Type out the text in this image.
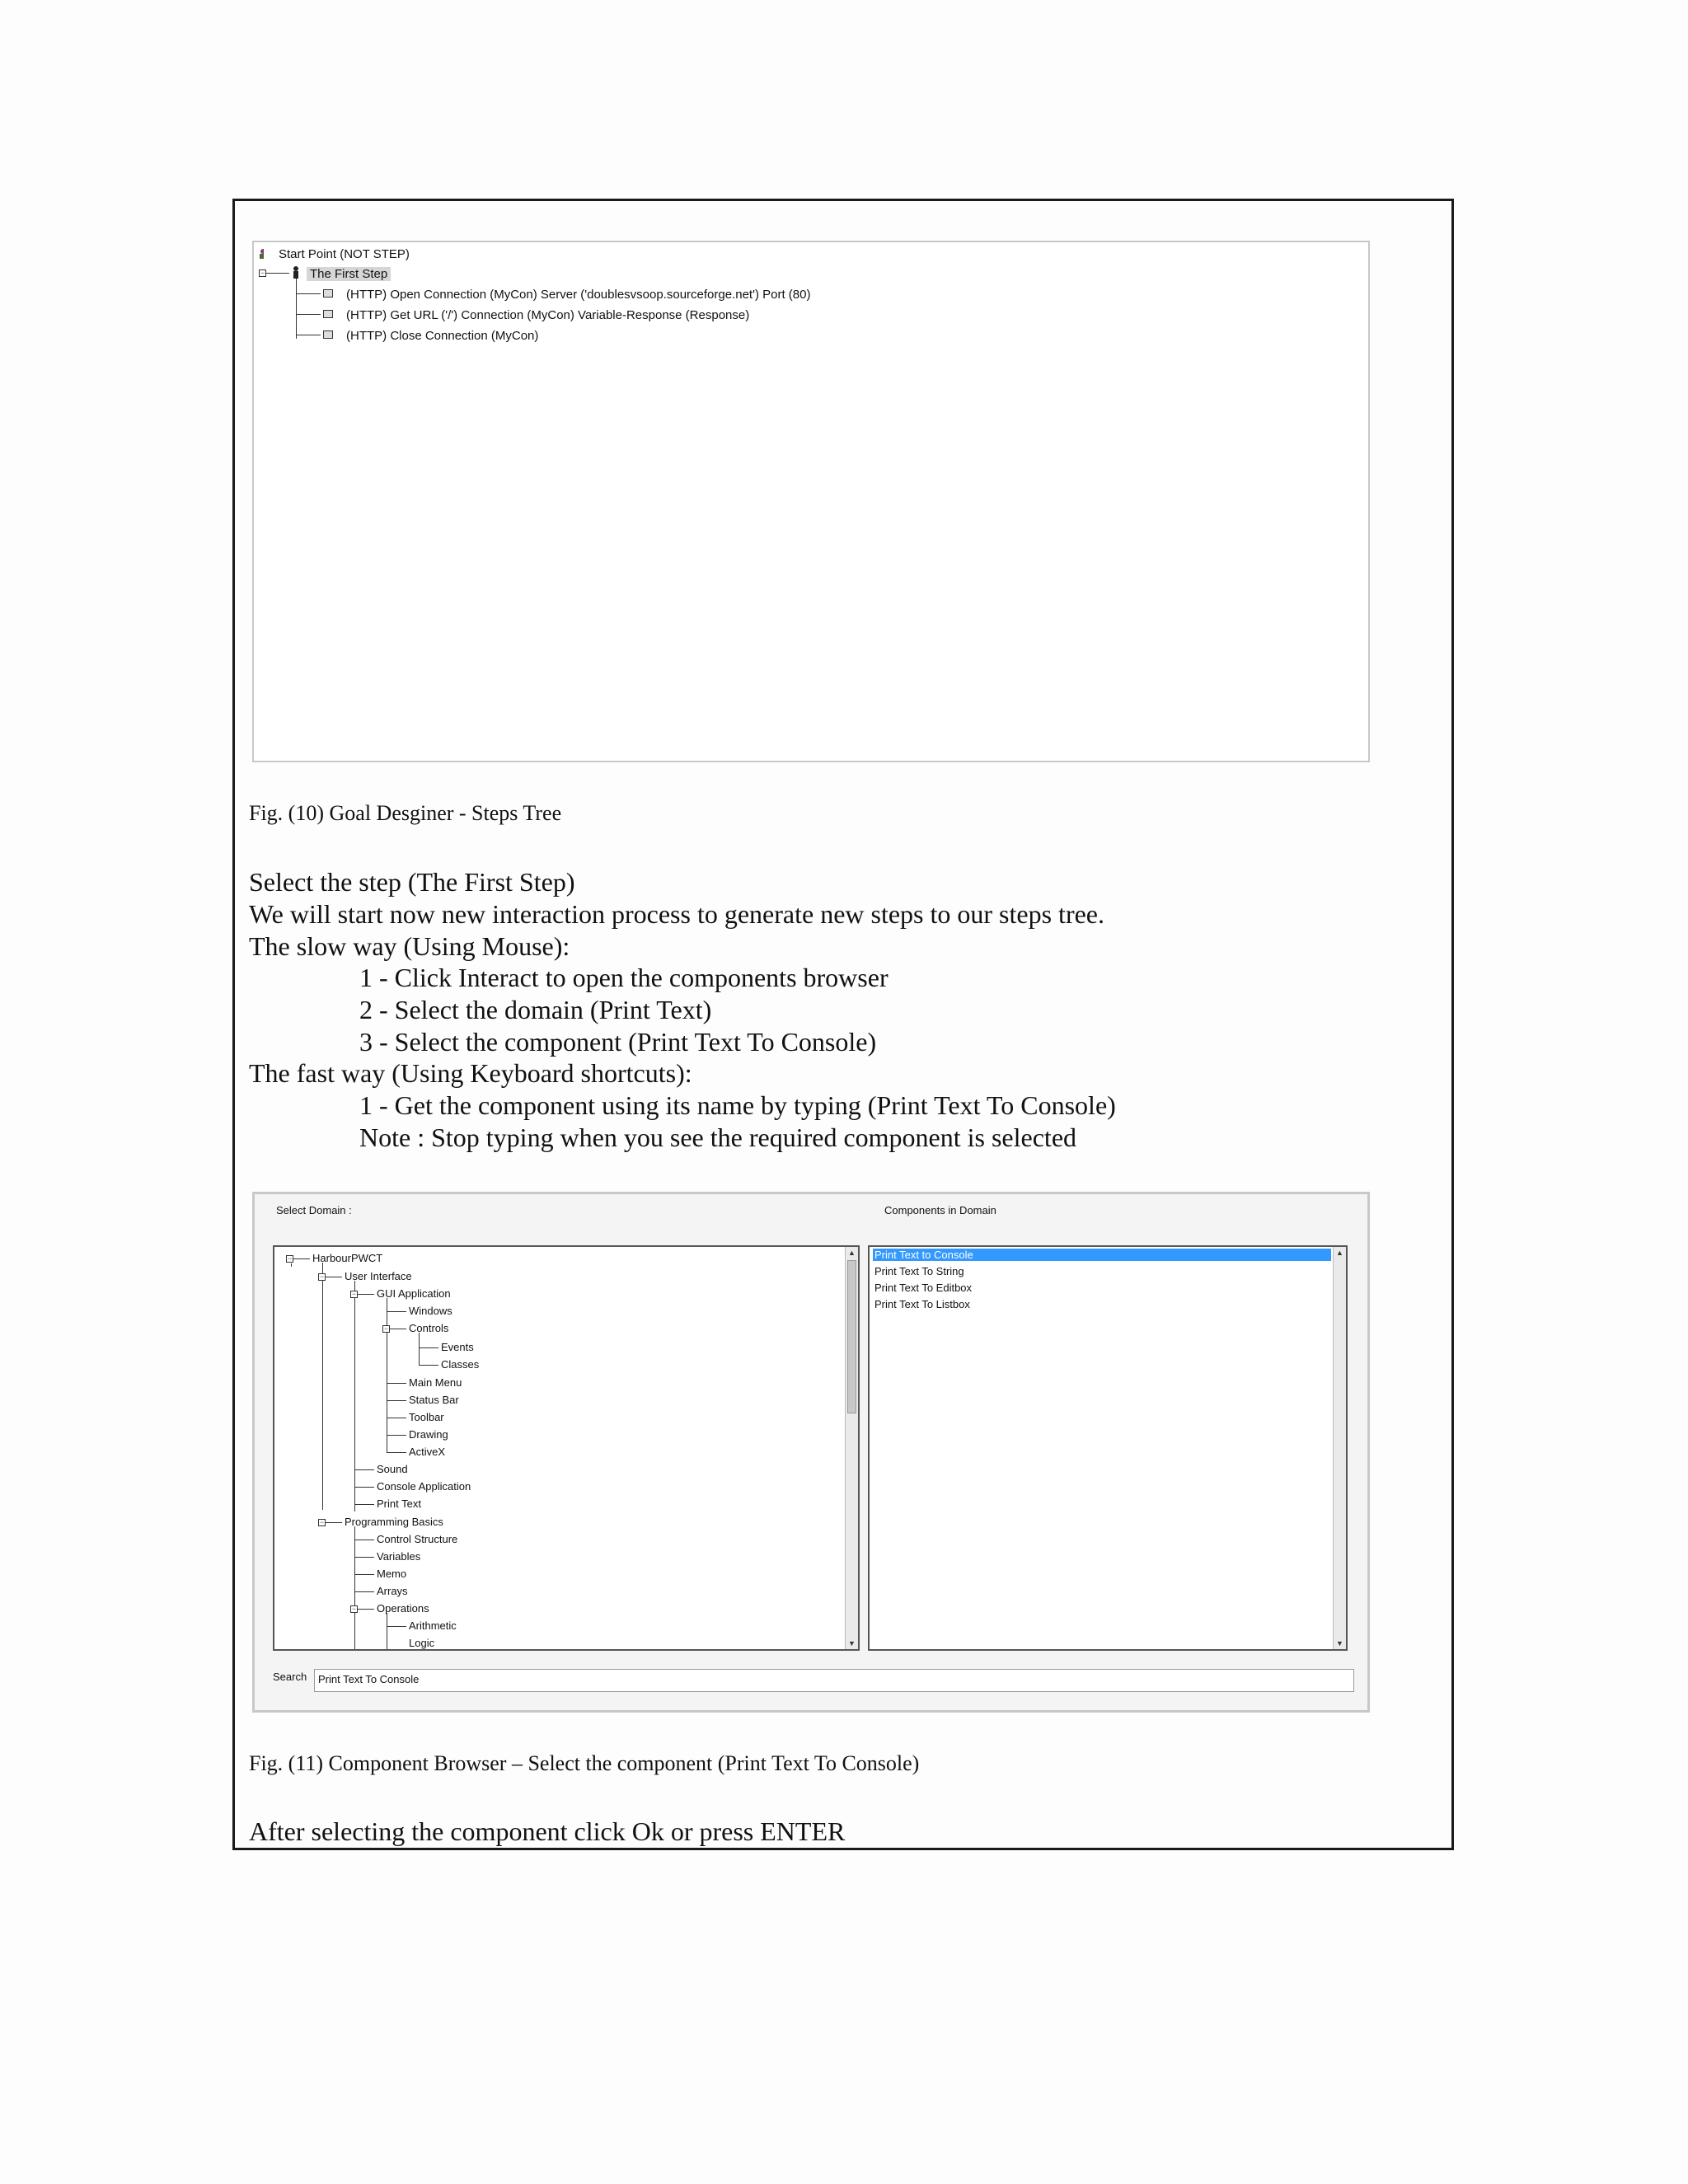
Start Point (NOT STEP)
−	The First Step
(HTTP) Open Connection (MyCon) Server ('doublesvsoop.sourceforge.net') Port (80)
(HTTP) Get URL ('/') Connection (MyCon) Variable-Response (Response)
(HTTP) Close Connection (MyCon)
Fig. (10) Goal Desginer - Steps Tree
Select the step (The First Step)
We will start now new interaction process to generate new steps to our steps tree.
The slow way (Using Mouse):
1 - Click Interact to open the components browser
2 - Select the domain (Print Text)
3 - Select the component (Print Text To Console)
The fast way (Using Keyboard shortcuts):
1 - Get the component using its name by typing (Print Text To Console)
Note : Stop typing when you see the required component is selected
Select Domain :	Components in Domain
−
−
−
−
−
−
HarbourPWCT
User Interface
GUI Application
Windows
Controls
Events
Classes
Main Menu
Status Bar
Toolbar
Drawing
ActiveX
Sound
Console Application
Print Text
Programming Basics
Control Structure
Variables
Memo
Arrays
Operations
Arithmetic
Logic
▲
▼
Print Text to Console
Print Text To String
Print Text To Editbox
Print Text To Listbox
▲
▼
Search	Print Text To Console
Fig. (11) Component Browser – Select the component (Print Text To Console)
After selecting the component click Ok or press ENTER
